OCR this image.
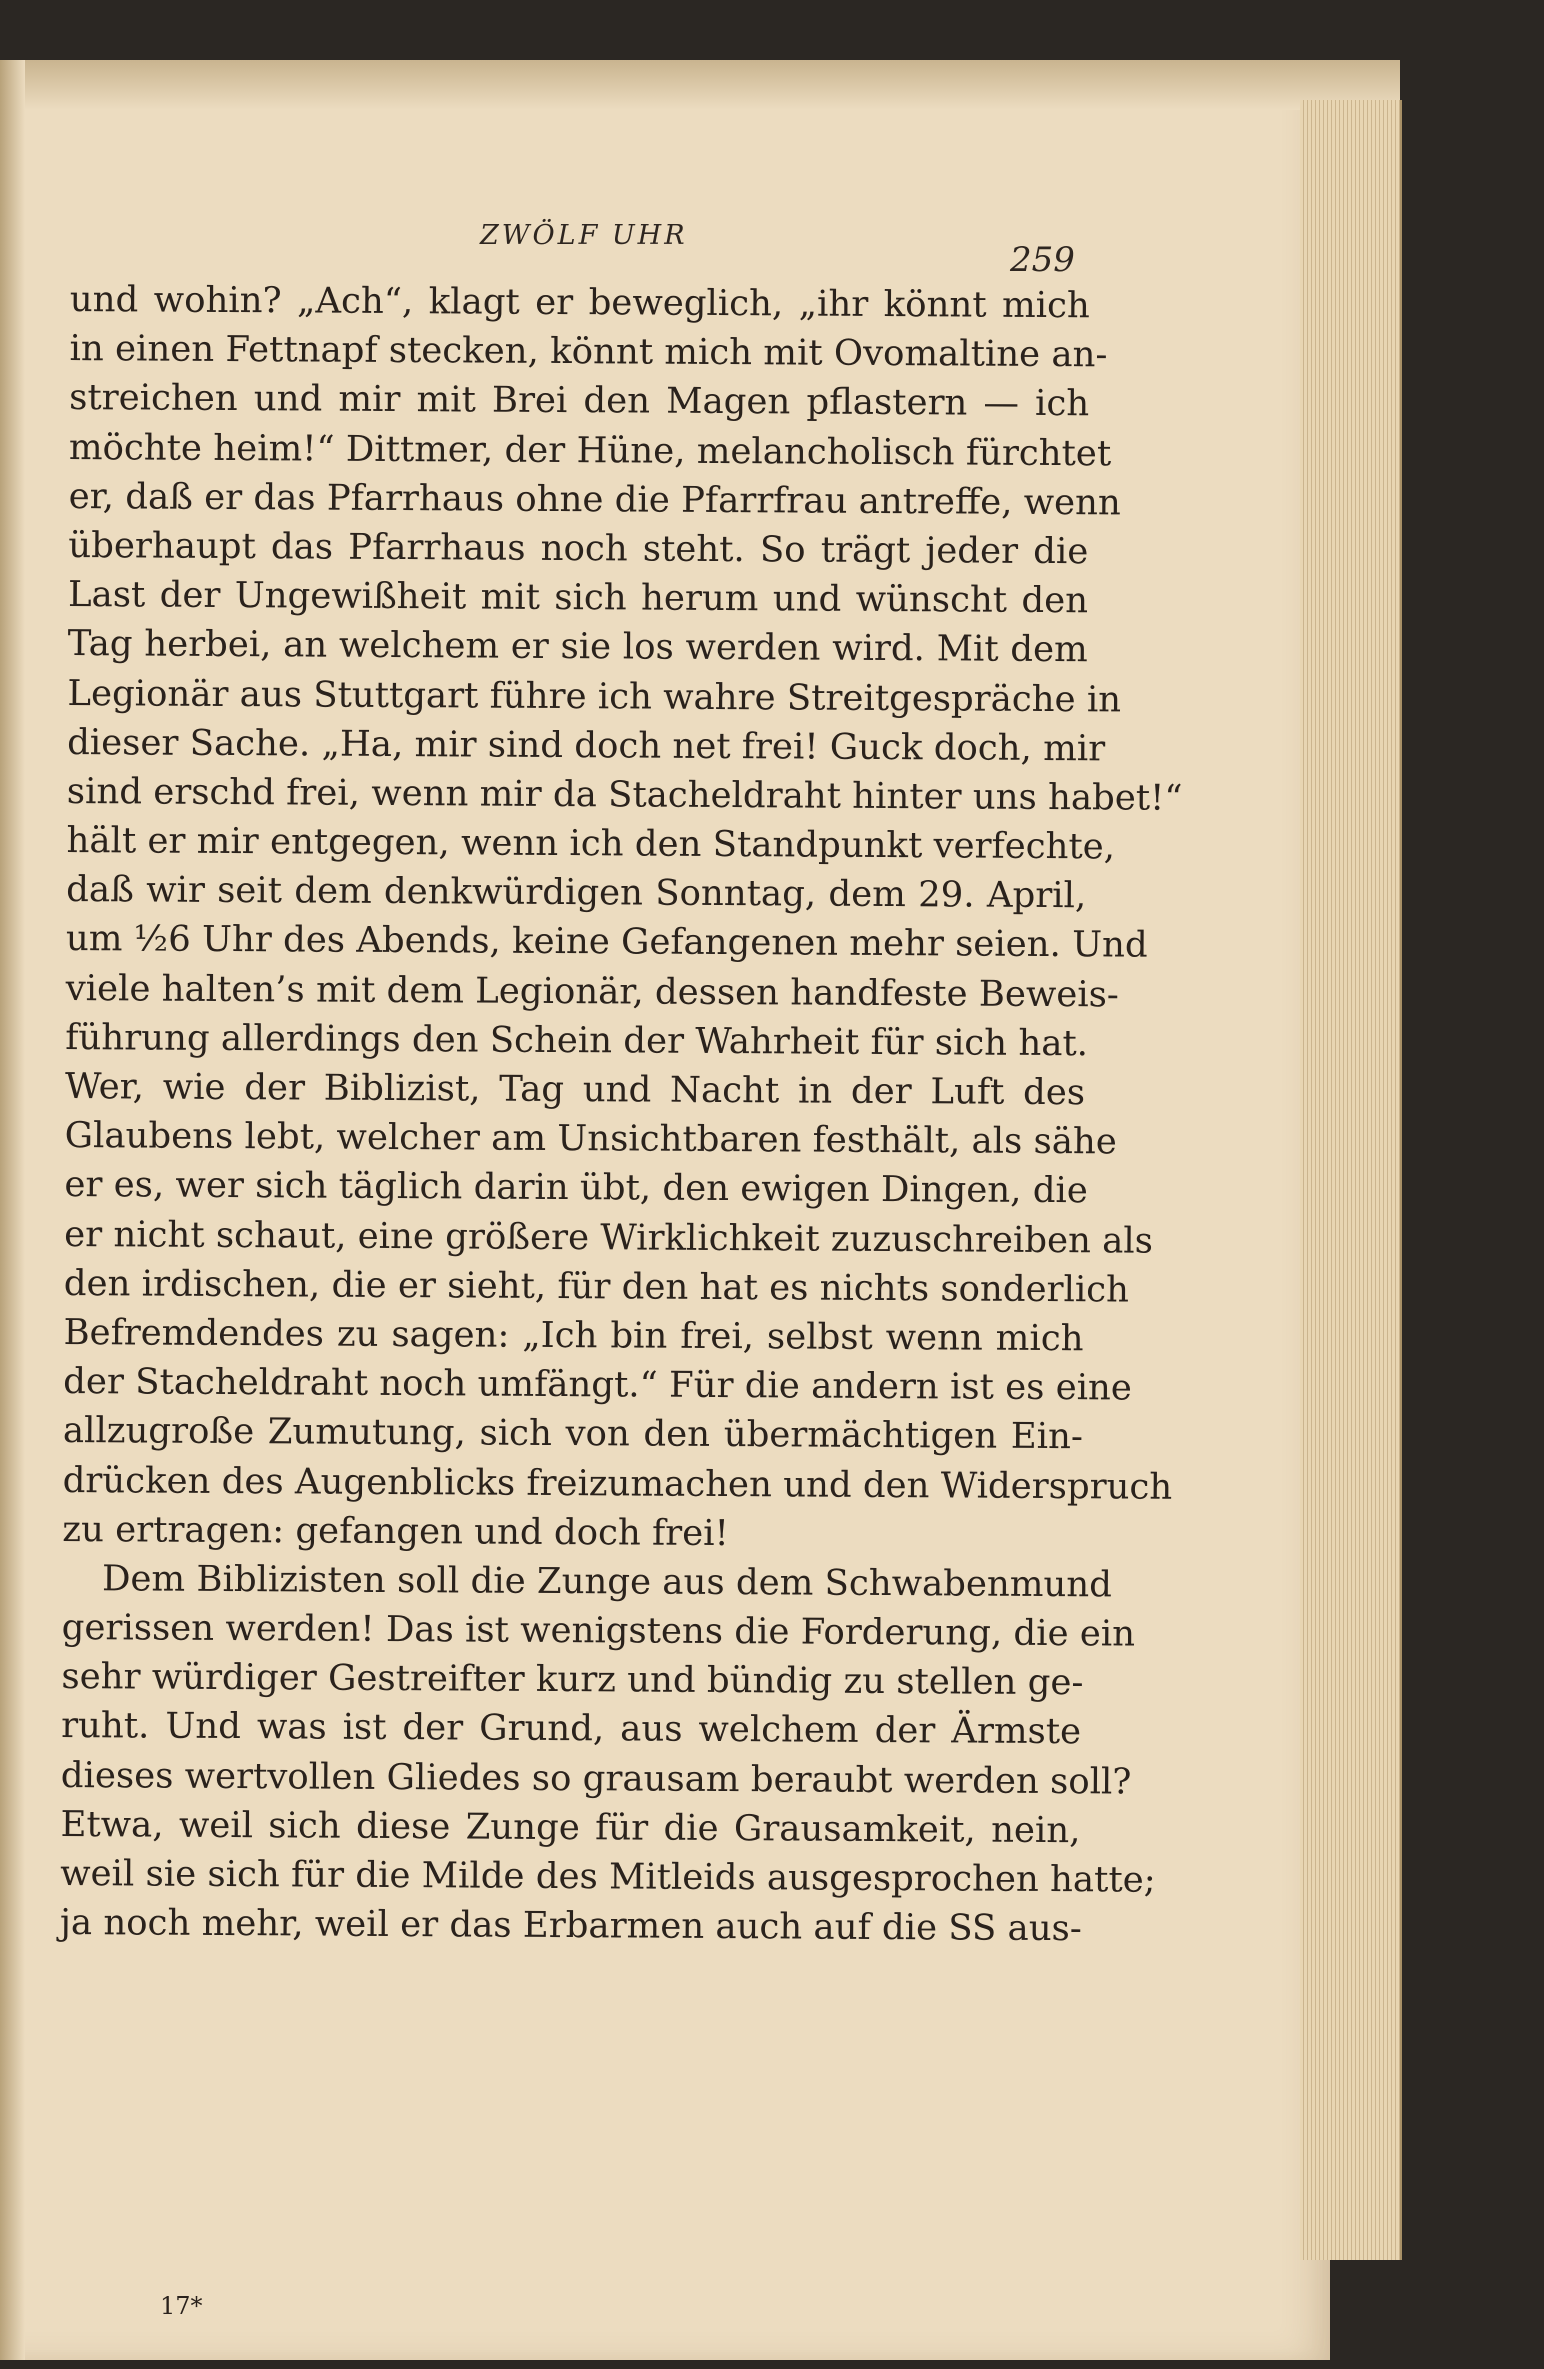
ZWÖLF UHR
259
und wohin? „Ach“, klagt er beweglich, „ihr könnt mich
in einen Fettnapf stecken, könnt mich mit Ovomaltine an-
streichen und mir mit Brei den Magen pflastern — ich
möchte heim!“ Dittmer, der Hüne, melancholisch fürchtet
er, daß er das Pfarrhaus ohne die Pfarrfrau antreffe, wenn
überhaupt das Pfarrhaus noch steht. So trägt jeder die
Last der Ungewißheit mit sich herum und wünscht den
Tag herbei, an welchem er sie los werden wird. Mit dem
Legionär aus Stuttgart führe ich wahre Streitgespräche in
dieser Sache. „Ha, mir sind doch net frei! Guck doch, mir
sind erschd frei, wenn mir da Stacheldraht hinter uns habet!“
hält er mir entgegen, wenn ich den Standpunkt verfechte,
daß wir seit dem denkwürdigen Sonntag, dem 29. April,
um ½6 Uhr des Abends, keine Gefangenen mehr seien. Und
viele halten’s mit dem Legionär, dessen handfeste Beweis-
führung allerdings den Schein der Wahrheit für sich hat.
Wer, wie der Biblizist, Tag und Nacht in der Luft des
Glaubens lebt, welcher am Unsichtbaren festhält, als sähe
er es, wer sich täglich darin übt, den ewigen Dingen, die
er nicht schaut, eine größere Wirklichkeit zuzuschreiben als
den irdischen, die er sieht, für den hat es nichts sonderlich
Befremdendes zu sagen: „Ich bin frei, selbst wenn mich
der Stacheldraht noch umfängt.“ Für die andern ist es eine
allzugroße Zumutung, sich von den übermächtigen Ein-
drücken des Augenblicks freizumachen und den Widerspruch
zu ertragen: gefangen und doch frei!
Dem Biblizisten soll die Zunge aus dem Schwabenmund
gerissen werden! Das ist wenigstens die Forderung, die ein
sehr würdiger Gestreifter kurz und bündig zu stellen ge-
ruht. Und was ist der Grund, aus welchem der Ärmste
dieses wertvollen Gliedes so grausam beraubt werden soll?
Etwa, weil sich diese Zunge für die Grausamkeit, nein,
weil sie sich für die Milde des Mitleids ausgesprochen hatte;
ja noch mehr, weil er das Erbarmen auch auf die SS aus-
17*
